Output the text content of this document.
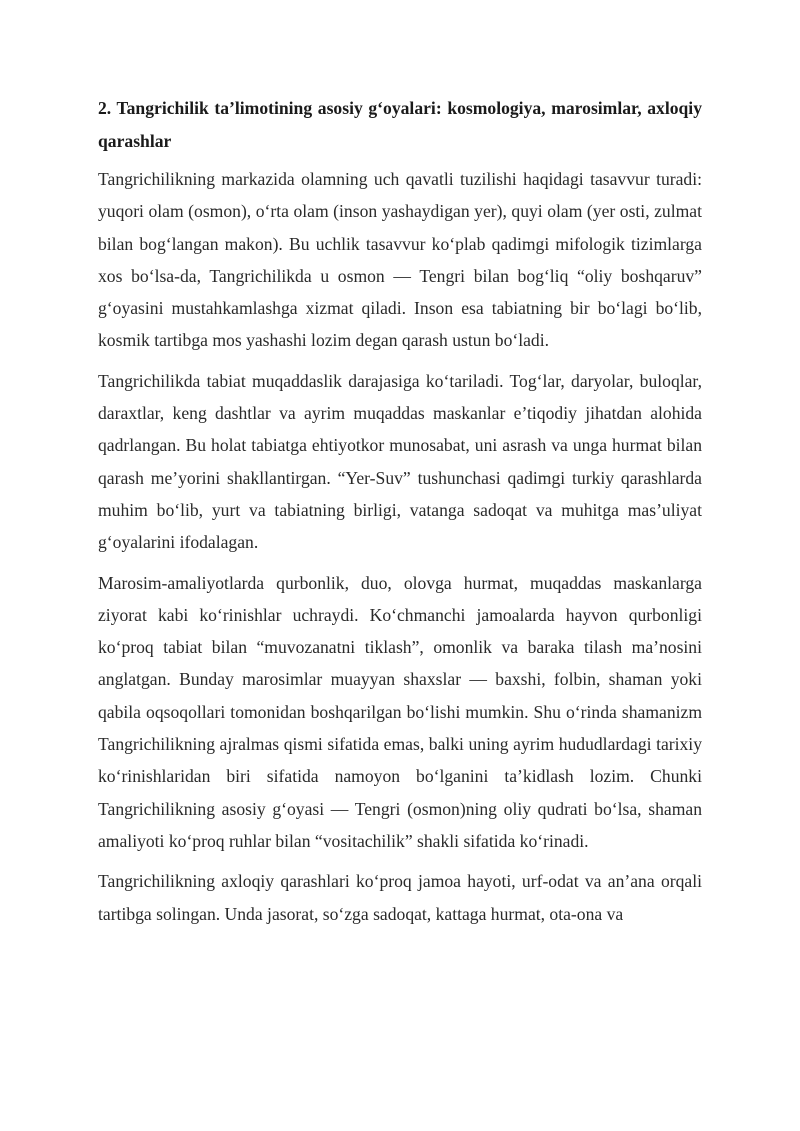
2. Tangrichilik ta’limotining asosiy g‘oyalari: kosmologiya, marosimlar, axloqiy qarashlar

Tangrichilikning markazida olamning uch qavatli tuzilishi haqidagi tasavvur turadi: yuqori olam (osmon), o‘rta olam (inson yashaydigan yer), quyi olam (yer osti, zulmat bilan bog‘langan makon). Bu uchlik tasavvur ko‘plab qadimgi mifologik tizimlarga xos bo‘lsa-da, Tangrichilikda u osmon — Tengri bilan bog‘liq “oliy boshqaruv” g‘oyasini mustahkamlashga xizmat qiladi. Inson esa tabiatning bir bo‘lagi bo‘lib, kosmik tartibga mos yashashi lozim degan qarash ustun bo‘ladi.

Tangrichilikda tabiat muqaddaslik darajasiga ko‘tariladi. Tog‘lar, daryolar, buloqlar, daraxtlar, keng dashtlar va ayrim muqaddas maskanlar e’tiqodiy jihatdan alohida qadrlangan. Bu holat tabiatga ehtiyotkor munosabat, uni asrash va unga hurmat bilan qarash me’yorini shakllantirgan. “Yer-Suv” tushunchasi qadimgi turkiy qarashlarda muhim bo‘lib, yurt va tabiatning birligi, vatanga sadoqat va muhitga mas’uliyat g‘oyalarini ifodalagan.

Marosim-amaliyotlarda qurbonlik, duo, olovga hurmat, muqaddas maskanlarga ziyorat kabi ko‘rinishlar uchraydi. Ko‘chmanchi jamoalarda hayvon qurbonligi ko‘proq tabiat bilan “muvozanatni tiklash”, omonlik va baraka tilash ma’nosini anglatgan. Bunday marosimlar muayyan shaxslar — baxshi, folbin, shaman yoki qabila oqsoqollari tomonidan boshqarilgan bo‘lishi mumkin. Shu o‘rinda shamanizm Tangrichilikning ajralmas qismi sifatida emas, balki uning ayrim hududlardagi tarixiy ko‘rinishlaridan biri sifatida namoyon bo‘lganini ta’kidlash lozim. Chunki Tangrichilikning asosiy g‘oyasi — Tengri (osmon)ning oliy qudrati bo‘lsa, shaman amaliyoti ko‘proq ruhlar bilan “vositachilik” shakli sifatida ko‘rinadi.

Tangrichilikning axloqiy qarashlari ko‘proq jamoa hayoti, urf-odat va an’ana orqali tartibga solingan. Unda jasorat, so‘zga sadoqat, kattaga hurmat, ota-ona va
